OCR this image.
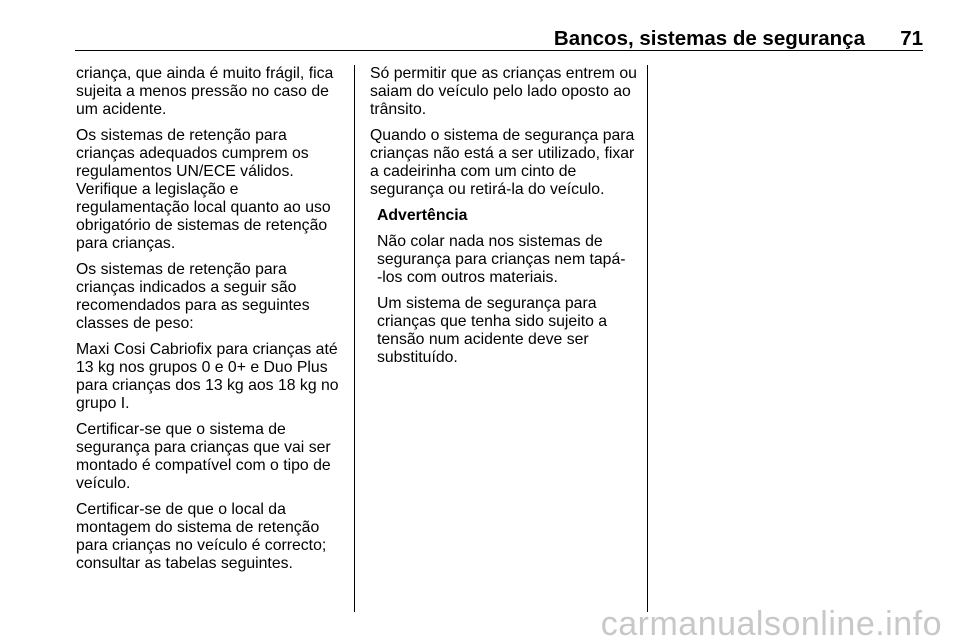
Bancos, sistemas de segurança 71

criança, que ainda é muito frágil, fica
sujeita a menos pressão no caso de
um acidente.

Os sistemas de retenção para
crianças adequados cumprem os
regulamentos UN/ECE válidos.
Verifique a legislação e
regulamentação local quanto ao uso
obrigatório de sistemas de retenção
para crianças.

Os sistemas de retenção para
crianças indicados a seguir são
recomendados para as seguintes
classes de peso:

Maxi Cosi Cabriofix para crianças até
13 kg nos grupos 0 e 0+ e Duo Plus
para crianças dos 13 kg aos 18 kg no
grupo I.

Certificar-se que o sistema de
segurança para crianças que vai ser
montado é compatível com o tipo de
veículo.

Certificar-se de que o local da
montagem do sistema de retenção
para crianças no veículo é correcto;
consultar as tabelas seguintes.

Só permitir que as crianças entrem ou
saiam do veículo pelo lado oposto ao
trânsito.

Quando o sistema de segurança para
crianças não está a ser utilizado, fixar
a cadeirinha com um cinto de
segurança ou retirá-la do veículo.

Advertência

Não colar nada nos sistemas de
segurança para crianças nem tapá-
-los com outros materiais.

Um sistema de segurança para
crianças que tenha sido sujeito a
tensão num acidente deve ser
substituído.

carmanualsonline.info
